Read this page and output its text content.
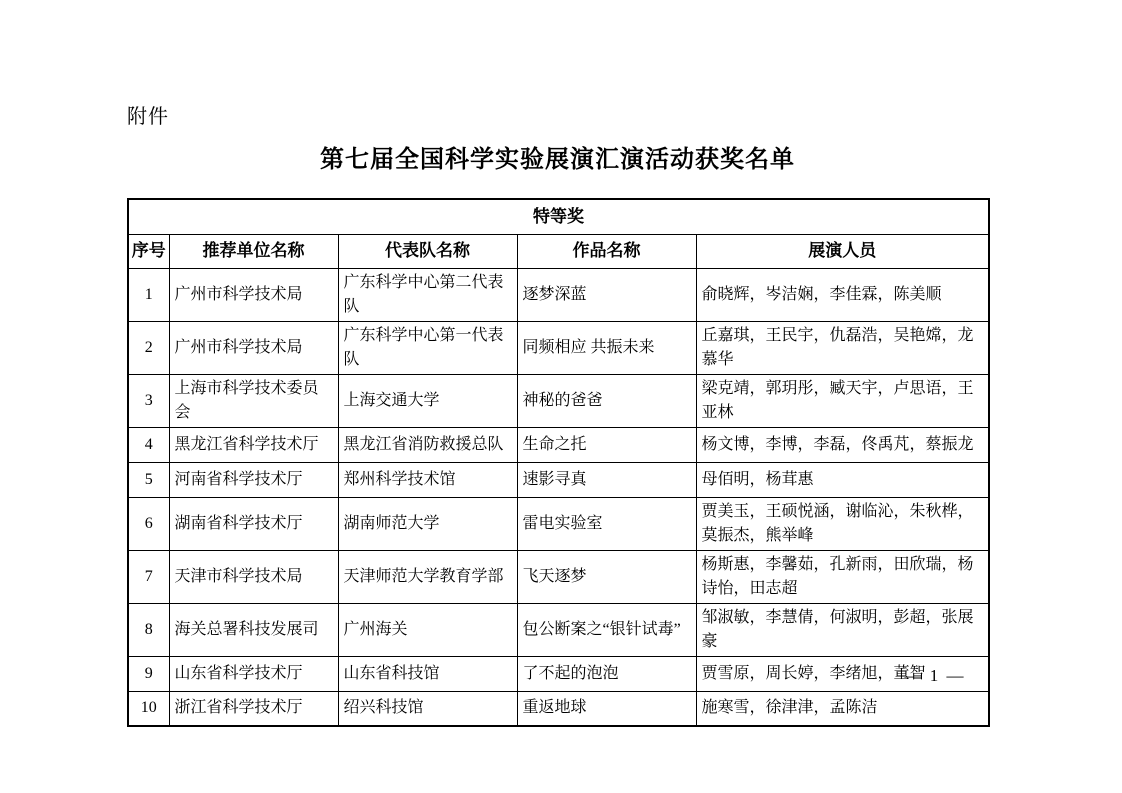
附件
第七届全国科学实验展演汇演活动获奖名单
特等奖				
序号	推荐单位名称	代表队名称	作品名称	展演人员
1	广州市科学技术局	广东科学中心第二代表队	逐梦深蓝	俞晓辉，岑洁娴，李佳霖，陈美顺
2	广州市科学技术局	广东科学中心第一代表队	同频相应 共振未来	丘嘉琪，王民宇，仇磊浩，吴艳嫦，龙慕华
3	上海市科学技术委员会	上海交通大学	神秘的爸爸	梁克靖，郭玥彤，臧天宇，卢思语，王亚林
4	黑龙江省科学技术厅	黑龙江省消防救援总队	生命之托	杨文博，李博，李磊，佟禹芃，蔡振龙
5	河南省科学技术厅	郑州科学技术馆	速影寻真	母佰明，杨茸惠
6	湖南省科学技术厅	湖南师范大学	雷电实验室	贾美玉，王硕悦涵，谢临沁，朱秋桦，莫振杰，熊举峰
7	天津市科学技术局	天津师范大学教育学部	飞天逐梦	杨斯惠，李馨茹，孔新雨，田欣瑞，杨诗怡，田志超
8	海关总署科技发展司	广州海关	包公断案之“银针试毒”	邹淑敏，李慧倩，何淑明，彭超，张展豪
9	山东省科学技术厅	山东省科技馆	了不起的泡泡	贾雪原，周长婷，李绪旭，董智
10	浙江省科学技术厅	绍兴科技馆	重返地球	施寒雪，徐津津，孟陈洁
— 1 —
